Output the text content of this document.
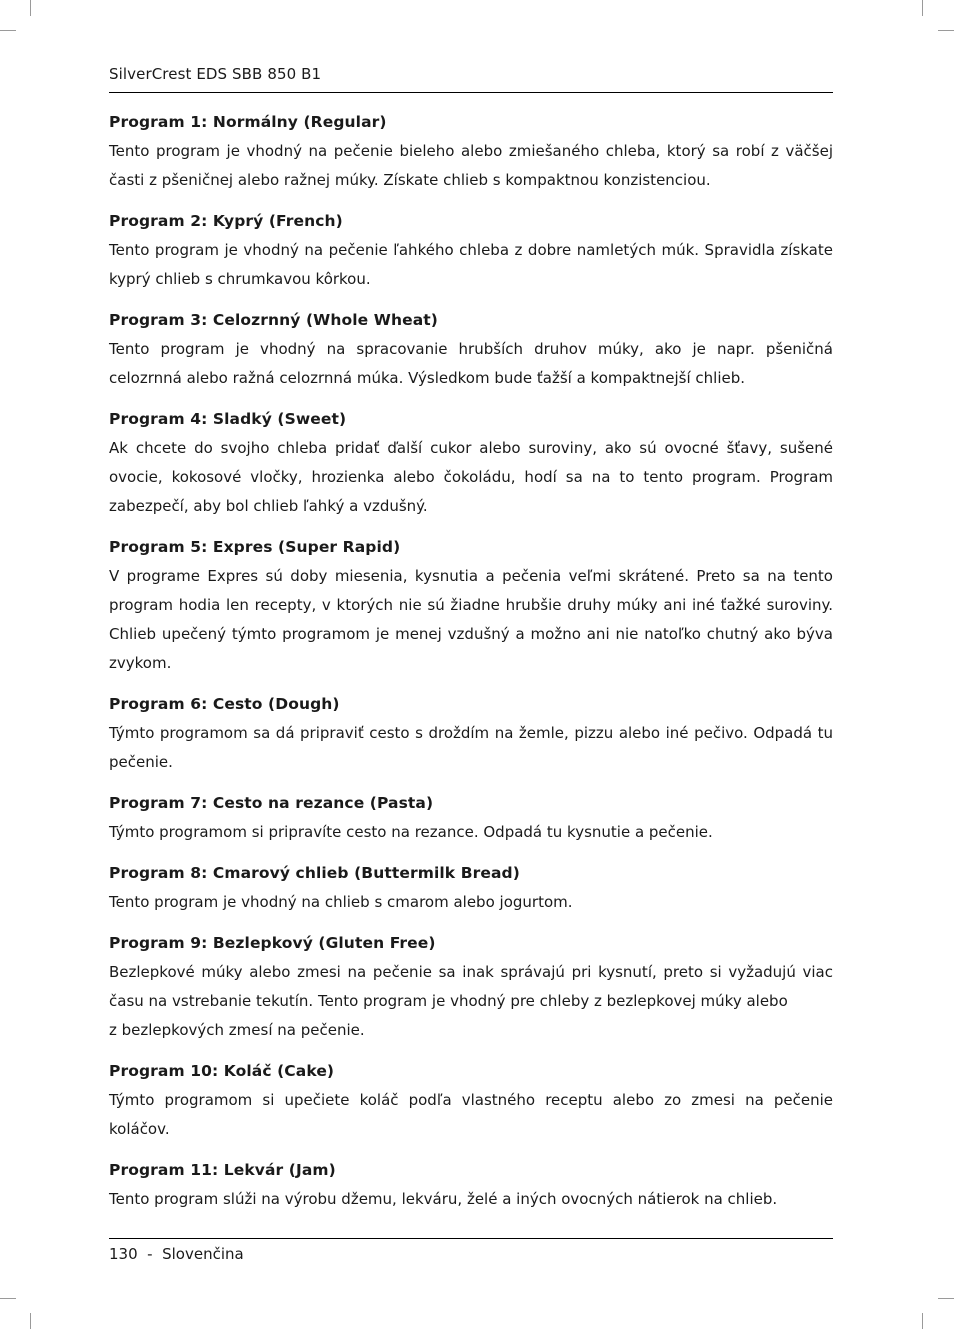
SilverCrest EDS SBB 850 B1
Program 1: Normálny (Regular)

Tento program je vhodný na pečenie bieleho alebo zmiešaného chleba, ktorý sa robí z väčšej časti z pšeničnej alebo ražnej múky. Získate chlieb s kompaktnou konzistenciou.

Program 2: Kyprý (French)

Tento program je vhodný na pečenie ľahkého chleba z dobre namletých múk. Spravidla získate kyprý chlieb s chrumkavou kôrkou.

Program 3: Celozrnný (Whole Wheat)

Tento program je vhodný na spracovanie hrubších druhov múky, ako je napr. pšeničná celozrnná alebo ražná celozrnná múka. Výsledkom bude ťažší a kompaktnejší chlieb.

Program 4: Sladký (Sweet)

Ak chcete do svojho chleba pridať ďalší cukor alebo suroviny, ako sú ovocné šťavy, sušené ovocie, kokosové vločky, hrozienka alebo čokoládu, hodí sa na to tento program. Program zabezpečí, aby bol chlieb ľahký a vzdušný.

Program 5: Expres (Super Rapid)

V programe Expres sú doby miesenia, kysnutia a pečenia veľmi skrátené. Preto sa na tento program hodia len recepty, v ktorých nie sú žiadne hrubšie druhy múky ani iné ťažké suroviny. Chlieb upečený týmto programom je menej vzdušný a možno ani nie natoľko chutný ako býva zvykom.

Program 6: Cesto (Dough)

Týmto programom sa dá pripraviť cesto s droždím na žemle, pizzu alebo iné pečivo. Odpadá tu pečenie.

Program 7: Cesto na rezance (Pasta)

Týmto programom si pripravíte cesto na rezance. Odpadá tu kysnutie a pečenie.

Program 8: Cmarový chlieb (Buttermilk Bread)

Tento program je vhodný na chlieb s cmarom alebo jogurtom.

Program 9: Bezlepkový (Gluten Free)

Bezlepkové múky alebo zmesi na pečenie sa inak správajú pri kysnutí, preto si vyžadujú viac času na vstrebanie tekutín. Tento program je vhodný pre chleby z bezlepkovej múky alebo
z bezlepkových zmesí na pečenie.

Program 10: Koláč (Cake)

Týmto programom si upečiete koláč podľa vlastného receptu alebo zo zmesi na pečenie koláčov.

Program 11: Lekvár (Jam)

Tento program slúži na výrobu džemu, lekváru, želé a iných ovocných nátierok na chlieb.

130  -  Slovenčina
